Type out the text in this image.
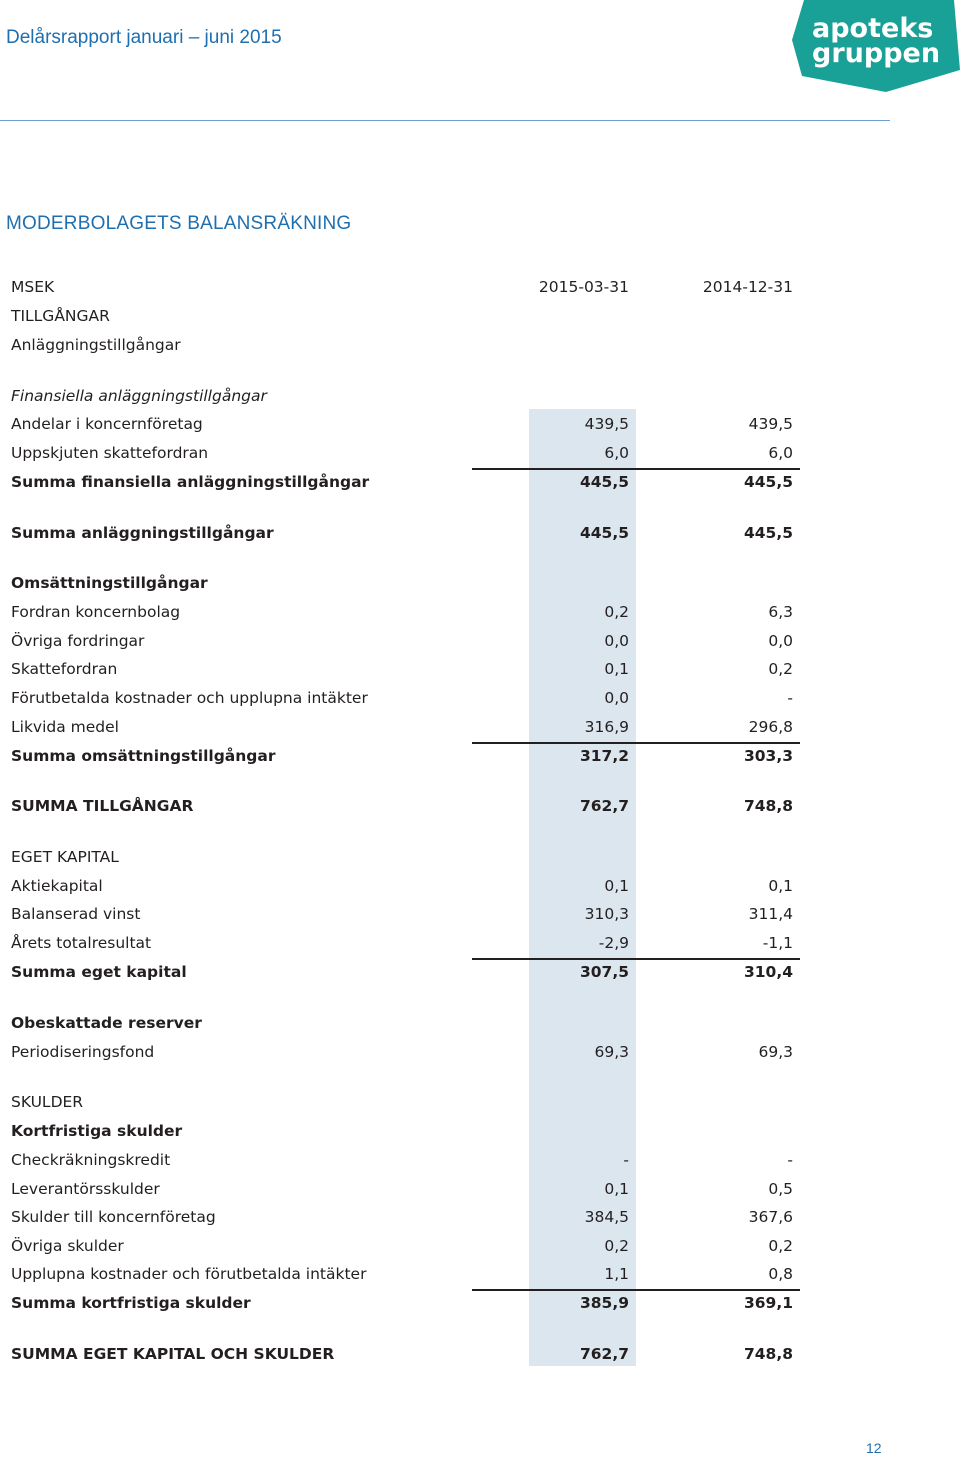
Delårsrapport januari – juni 2015	apoteks
gruppen
MODERBOLAGETS BALANSRÄKNING
MSEK	2015-03-31	2014-12-31
TILLGÅNGAR
Anläggningstillgångar
Finansiella anläggningstillgångar
Andelar i koncernföretag	439,5	439,5
Uppskjuten skattefordran	6,0	6,0
Summa finansiella anläggningstillgångar	445,5	445,5
Summa anläggningstillgångar	445,5	445,5
Omsättningstillgångar
Fordran koncernbolag	0,2	6,3
Övriga fordringar	0,0	0,0
Skattefordran	0,1	0,2
Förutbetalda kostnader och upplupna intäkter	0,0	-
Likvida medel	316,9	296,8
Summa omsättningstillgångar	317,2	303,3
SUMMA TILLGÅNGAR	762,7	748,8
EGET KAPITAL
Aktiekapital	0,1	0,1
Balanserad vinst	310,3	311,4
Årets totalresultat	-2,9	-1,1
Summa eget kapital	307,5	310,4
Obeskattade reserver
Periodiseringsfond	69,3	69,3
SKULDER
Kortfristiga skulder
Checkräkningskredit	-	-
Leverantörsskulder	0,1	0,5
Skulder till koncernföretag	384,5	367,6
Övriga skulder	0,2	0,2
Upplupna kostnader och förutbetalda intäkter	1,1	0,8
Summa kortfristiga skulder	385,9	369,1
SUMMA EGET KAPITAL OCH SKULDER	762,7	748,8
12
